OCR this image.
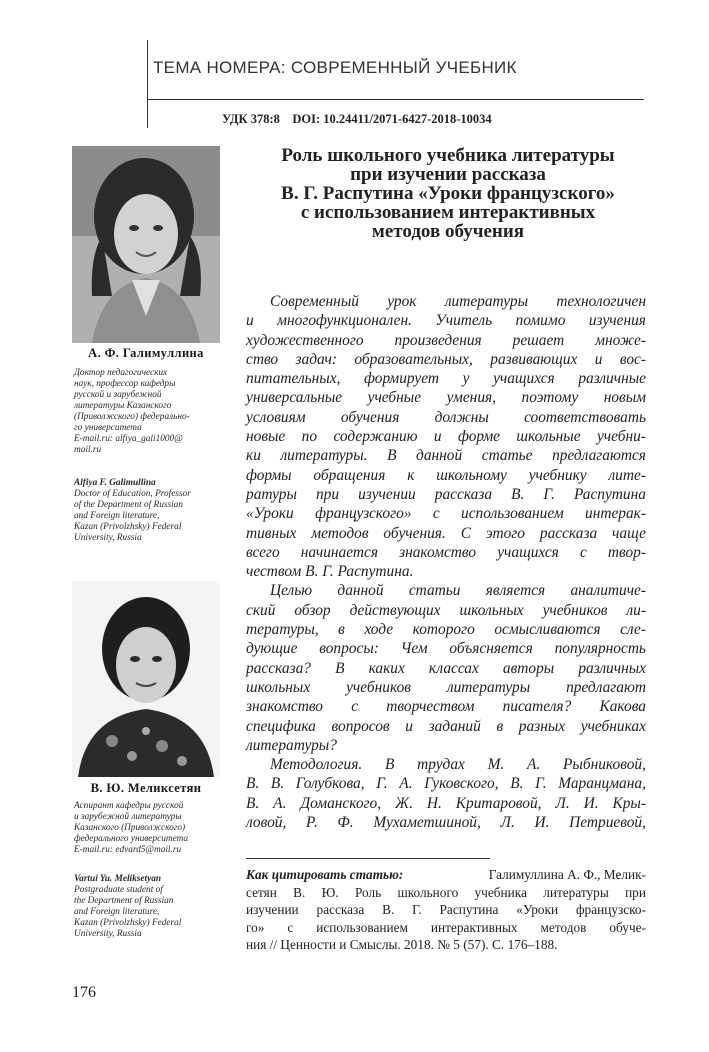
ТЕМА НОМЕРА: СОВРЕМЕННЫЙ УЧЕБНИК
УДК 378:8    DOI: 10.24411/2071-6427-2018-10034
Роль школьного учебника литературы
при изучении рассказа
В. Г. Распутина «Уроки французского»
с использованием интерактивных
методов обучения
А. Ф. Галимуллина
Доктор педагогических
наук, профессор кафедры
русской и зарубежной
литературы Казанского
(Приволжского) федерально-
го университета
E-mail.ru: alfiya_gali1000@
mail.ru
Alfiya F. Galimullina
Doctor of Education, Professor
of the Department of Russian
and Foreign literature,
Kazan (Privolzhsky) Federal
University, Russia
В. Ю. Меликсетян
Аспирант кафедры русской
и зарубежной литературы
Казанского (Приволжского)
федерального университета
E-mail.ru: edvard5@mail.ru
Vartui Yu. Meliksetyan
Postgraduate student of
the Department of Russian
and Foreign literature,
Kazan (Privolzhsky) Federal
University, Russia
Современный урок литературы технологичен
и многофункционален. Учитель помимо изучения
художественного произведения решает множе-
ство задач: образовательных, развивающих и вос-
питательных, формирует у учащихся различные
универсальные учебные умения, поэтому новым
условиям обучения должны соответствовать
новые по содержанию и форме школьные учебни-
ки литературы. В данной статье предлагаются
формы обращения к школьному учебнику лите-
ратуры при изучении рассказа В. Г. Распутина
«Уроки французского» с использованием интерак-
тивных методов обучения. С этого рассказа чаще
всего начинается знакомство учащихся с твор-
чеством В. Г. Распутина.
Целью данной статьи является аналитиче-
ский обзор действующих школьных учебников ли-
тературы, в ходе которого осмысливаются сле-
дующие вопросы: Чем объясняется популярность
рассказа? В каких классах авторы различных
школьных учебников литературы предлагают
знакомство с творчеством писателя? Какова
специфика вопросов и заданий в разных учебниках
литературы?
Методология. В трудах М. А. Рыбниковой,
В. В. Голубкова, Г. А. Гуковского, В. Г. Маранцмана,
В. А. Доманского, Ж. Н. Критаровой, Л. И. Кры-
ловой, Р. Ф. Мухаметшиной, Л. И. Петриевой,
Как цитировать статью:	Галимуллина А. Ф., Мелик-
сетян В. Ю. Роль школьного учебника литературы при
изучении рассказа В. Г. Распутина «Уроки французско-
го» с использованием интерактивных методов обуче-
ния // Ценности и Смыслы. 2018. № 5 (57). С. 176–188.
176
